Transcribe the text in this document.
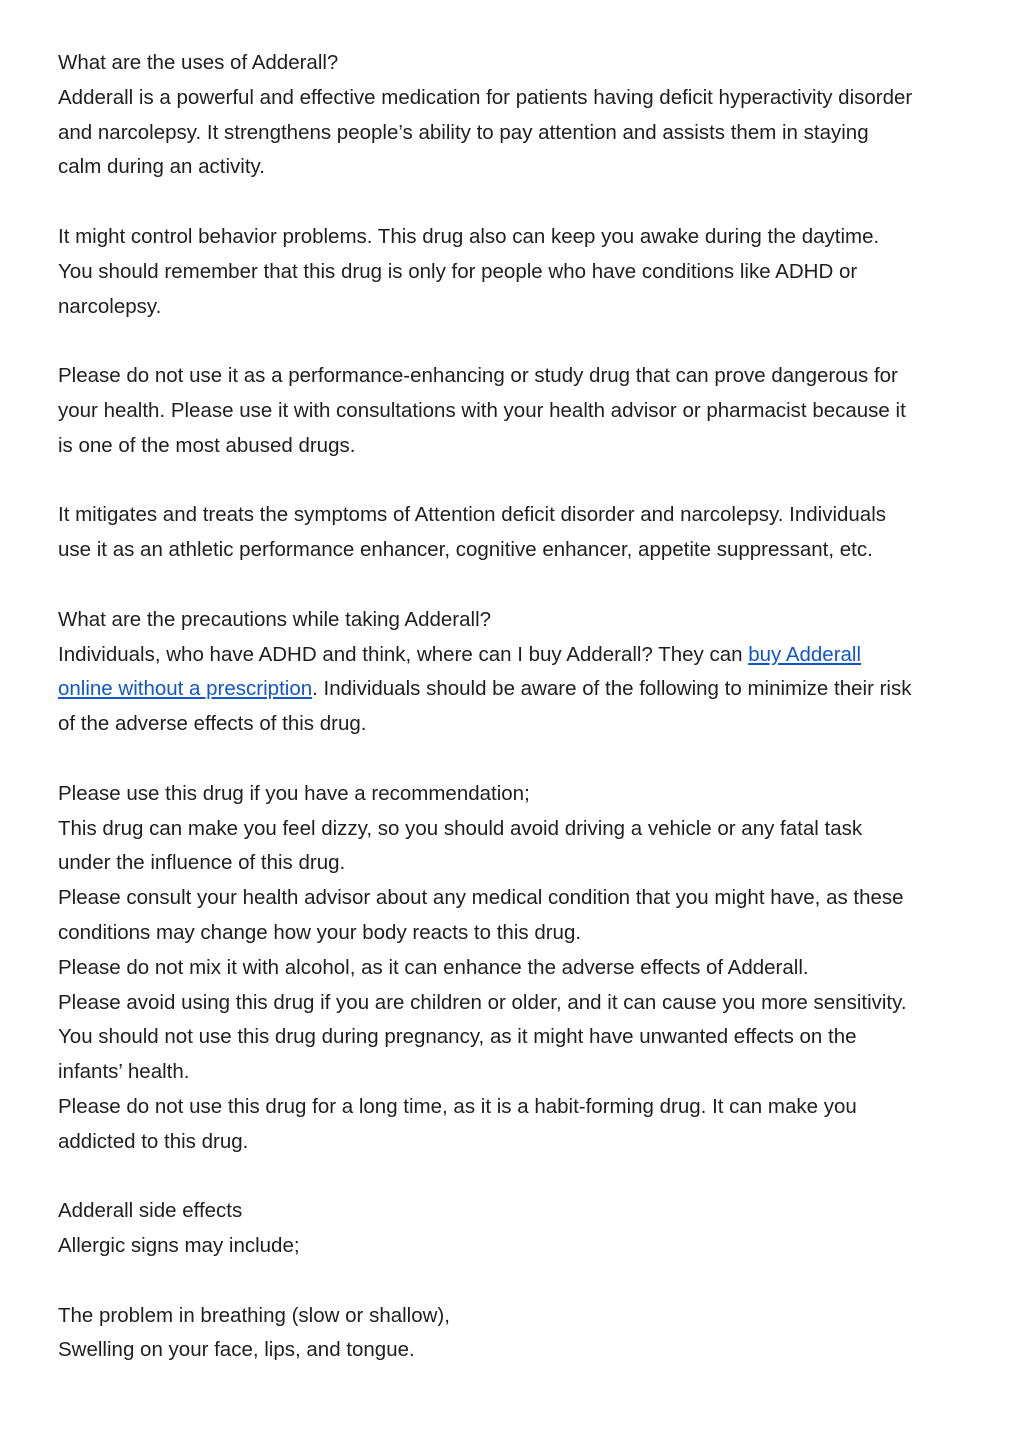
What are the uses of Adderall?
Adderall is a powerful and effective medication for patients having deficit hyperactivity disorder
and narcolepsy. It strengthens people’s ability to pay attention and assists them in staying
calm during an activity.
It might control behavior problems. This drug also can keep you awake during the daytime.
You should remember that this drug is only for people who have conditions like ADHD or
narcolepsy.
Please do not use it as a performance-enhancing or study drug that can prove dangerous for
your health. Please use it with consultations with your health advisor or pharmacist because it
is one of the most abused drugs.
It mitigates and treats the symptoms of Attention deficit disorder and narcolepsy. Individuals
use it as an athletic performance enhancer, cognitive enhancer, appetite suppressant, etc.
What are the precautions while taking Adderall?
Individuals, who have ADHD and think, where can I buy Adderall? They can buy Adderall
online without a prescription. Individuals should be aware of the following to minimize their risk
of the adverse effects of this drug.
Please use this drug if you have a recommendation;
This drug can make you feel dizzy, so you should avoid driving a vehicle or any fatal task
under the influence of this drug.
Please consult your health advisor about any medical condition that you might have, as these
conditions may change how your body reacts to this drug.
Please do not mix it with alcohol, as it can enhance the adverse effects of Adderall.
Please avoid using this drug if you are children or older, and it can cause you more sensitivity.
You should not use this drug during pregnancy, as it might have unwanted effects on the
infants’ health.
Please do not use this drug for a long time, as it is a habit-forming drug. It can make you
addicted to this drug.
Adderall side effects
Allergic signs may include;
The problem in breathing (slow or shallow),
Swelling on your face, lips, and tongue.
